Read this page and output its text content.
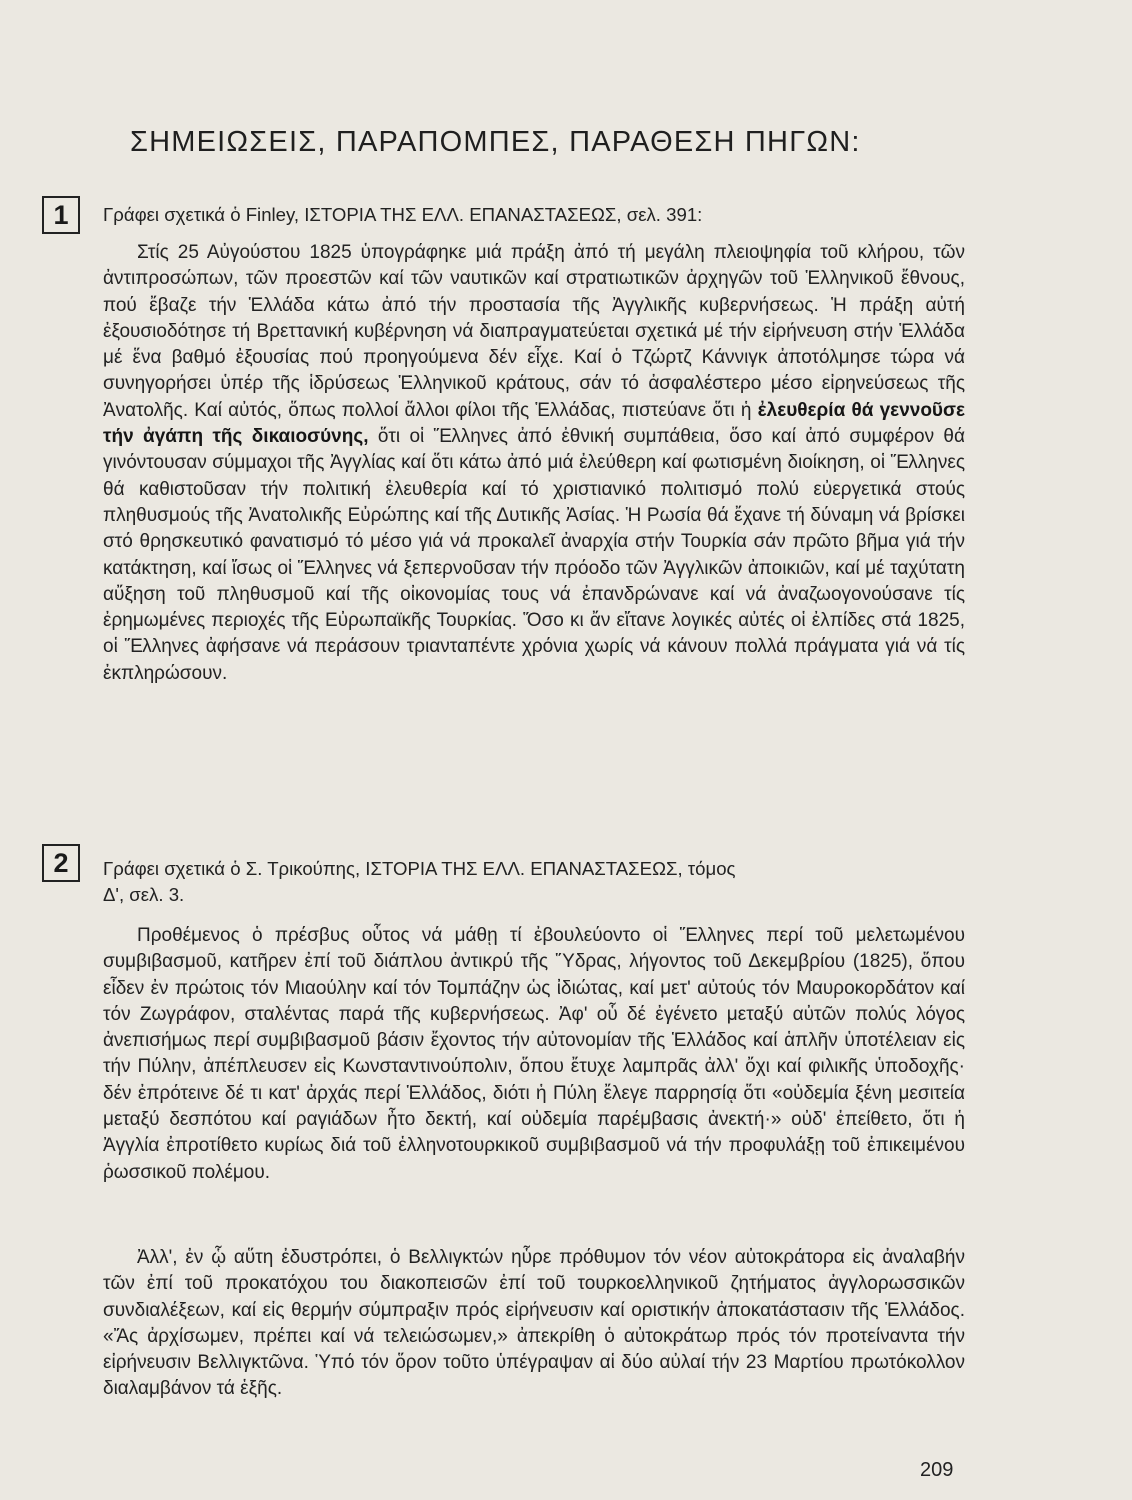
ΣΗΜΕΙΩΣΕΙΣ, ΠΑΡΑΠΟΜΠΕΣ, ΠΑΡΑΘΕΣΗ ΠΗΓΩΝ:
1	Γράφει σχετικά ὁ Finley, ΙΣΤΟΡΙΑ ΤΗΣ ΕΛΛ. ΕΠΑΝΑΣΤΑΣΕΩΣ, σελ. 391:
Στίς 25 Αὐγούστου 1825 ὑπογράφηκε μιά πράξη ἀπό τή μεγάλη πλειοψηφία τοῦ κλήρου, τῶν ἀντιπροσώπων, τῶν προεστῶν καί τῶν ναυτικῶν καί στρατιωτικῶν ἀρχηγῶν τοῦ Ἑλληνικοῦ ἔθνους, πού ἔβαζε τήν Ἑλλάδα κάτω ἀπό τήν προστασία τῆς Ἀγγλικῆς κυβερνήσεως. Ἡ πράξη αὐτή ἐξουσιοδότησε τή Βρεττανική κυβέρνηση νά διαπραγματεύεται σχετικά μέ τήν εἰρήνευση στήν Ἑλλάδα μέ ἕνα βαθμό ἐξουσίας πού προηγούμενα δέν εἶχε. Καί ὁ Τζώρτζ Κάννιγκ ἀποτόλμησε τώρα νά συνηγορήσει ὑπέρ τῆς ἱδρύσεως Ἑλληνικοῦ κράτους, σάν τό ἀσφαλέστερο μέσο εἰρηνεύσεως τῆς Ἀνατολῆς. Καί αὐτός, ὅπως πολλοί ἄλλοι φίλοι τῆς Ἑλλάδας, πιστεύανε ὅτι ἡ ἐλευθερία θά γεννοῦσε τήν ἀγάπη τῆς δικαιοσύνης, ὅτι οἱ Ἕλληνες ἀπό ἐθνική συμπάθεια, ὅσο καί ἀπό συμφέρον θά γινόντουσαν σύμμαχοι τῆς Ἀγγλίας καί ὅτι κάτω ἀπό μιά ἐλεύθερη καί φωτισμένη διοίκηση, οἱ Ἕλληνες θά καθιστοῦσαν τήν πολιτική ἐλευθερία καί τό χριστιανικό πολιτισμό πολύ εὐεργετικά στούς πληθυσμούς τῆς Ἀνατολικῆς Εὐρώπης καί τῆς Δυτικῆς Ἀσίας. Ἡ Ρωσία θά ἔχανε τή δύναμη νά βρίσκει στό θρησκευτικό φανατισμό τό μέσο γιά νά προκαλεῖ ἀναρχία στήν Τουρκία σάν πρῶτο βῆμα γιά τήν κατάκτηση, καί ἴσως οἱ Ἕλληνες νά ξεπερνοῦσαν τήν πρόοδο τῶν Ἀγγλικῶν ἀποικιῶν, καί μέ ταχύτατη αὔξηση τοῦ πληθυσμοῦ καί τῆς οἰκονομίας τους νά ἐπανδρώνανε καί νά ἀναζωογονούσανε τίς ἐρημωμένες περιοχές τῆς Εὐρωπαϊκῆς Τουρκίας. Ὅσο κι ἄν εἴτανε λογικές αὐτές οἱ ἐλπίδες στά 1825, οἱ Ἕλληνες ἀφήσανε νά περάσουν τριανταπέντε χρόνια χωρίς νά κάνουν πολλά πράγματα γιά νά τίς ἐκπληρώσουν.
2	Γράφει σχετικά ὁ Σ. Τρικούπης, ΙΣΤΟΡΙΑ ΤΗΣ ΕΛΛ. ΕΠΑΝΑΣΤΑΣΕΩΣ, τόμος
Δ', σελ. 3.
Προθέμενος ὁ πρέσβυς οὗτος νά μάθῃ τί ἐβουλεύοντο οἱ Ἕλληνες περί τοῦ μελετωμένου συμβιβασμοῦ, κατῆρεν ἐπί τοῦ διάπλου ἀντικρύ τῆς Ὕδρας, λήγοντος τοῦ Δεκεμβρίου (1825), ὅπου εἶδεν ἐν πρώτοις τόν Μιαούλην καί τόν Τομπάζην ὡς ἰδιώτας, καί μετ' αὐτούς τόν Μαυροκορδάτον καί τόν Ζωγράφον, σταλέντας παρά τῆς κυβερνήσεως. Ἀφ' οὗ δέ ἐγένετο μεταξύ αὐτῶν πολύς λόγος ἀνεπισήμως περί συμβιβασμοῦ βάσιν ἔχοντος τήν αὐτονομίαν τῆς Ἑλλάδος καί ἁπλῆν ὑποτέλειαν εἰς τήν Πύλην, ἀπέπλευσεν εἰς Κωνσταντινούπολιν, ὅπου ἔτυχε λαμπρᾶς ἀλλ' ὄχι καί φιλικῆς ὑποδοχῆς· δέν ἐπρότεινε δέ τι κατ' ἀρχάς περί Ἑλλάδος, διότι ἡ Πύλη ἔλεγε παρρησίᾳ ὅτι «οὐδεμία ξένη μεσιτεία μεταξύ δεσπότου καί ραγιάδων ἦτο δεκτή, καί οὐδεμία παρέμβασις ἀνεκτή·» οὐδ' ἐπείθετο, ὅτι ἡ Ἀγγλία ἐπροτίθετο κυρίως διά τοῦ ἑλληνοτουρκικοῦ συμβιβασμοῦ νά τήν προφυλάξῃ τοῦ ἐπικειμένου ῥωσσικοῦ πολέμου.
Ἀλλ', ἐν ᾧ αὕτη ἐδυστρόπει, ὁ Βελλιγκτών ηὗρε πρόθυμον τόν νέον αὐτοκράτορα εἰς ἀναλαβήν τῶν ἐπί τοῦ προκατόχου του διακοπεισῶν ἐπί τοῦ τουρκοελληνικοῦ ζητήματος ἀγγλορωσσικῶν συνδιαλέξεων, καί εἰς θερμήν σύμπραξιν πρός εἰρήνευσιν καί οριστικήν ἀποκατάστασιν τῆς Ἑλλάδος. «Ἄς ἀρχίσωμεν, πρέπει καί νά τελειώσωμεν,» ἀπεκρίθη ὁ αὐτοκράτωρ πρός τόν προτείναντα τήν εἰρήνευσιν Βελλιγκτῶνα. Ὑπό τόν ὅρον τοῦτο ὑπέγραψαν αἱ δύο αὐλαί τήν 23 Μαρτίου πρωτόκολλον διαλαμβάνον τά ἑξῆς.
209
